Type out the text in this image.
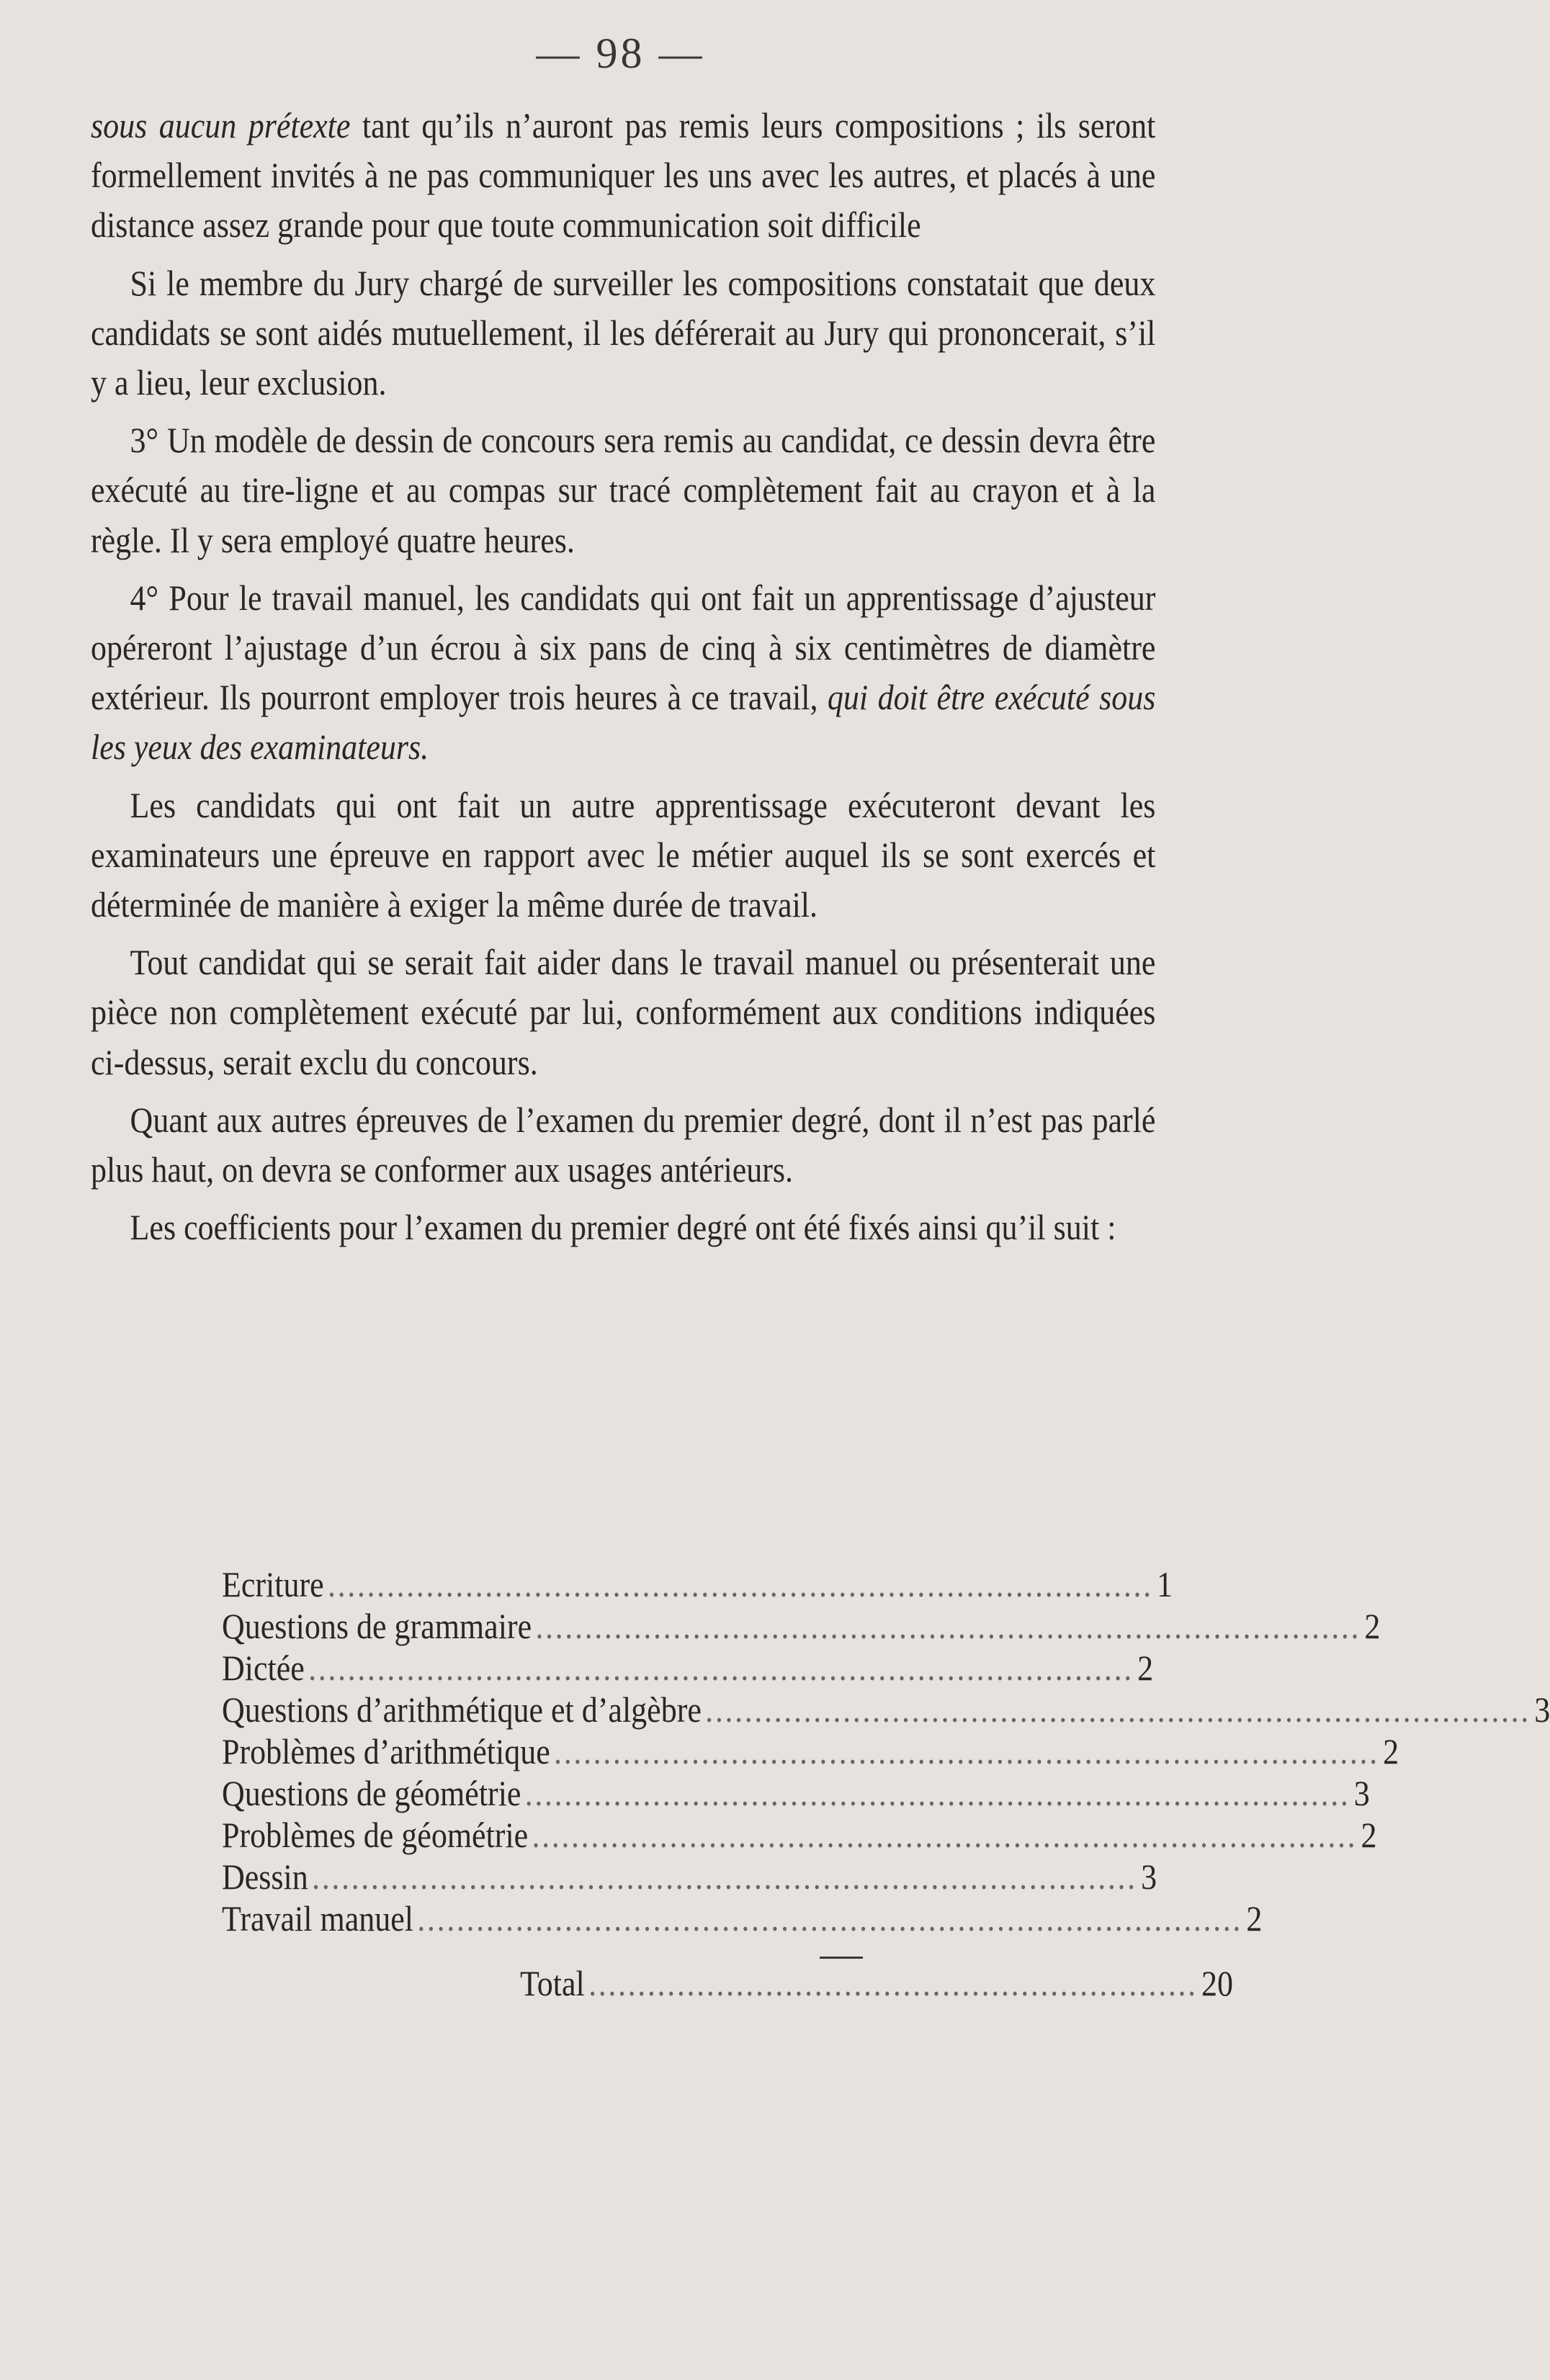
— 98 —

sous aucun prétexte tant qu’ils n’auront pas remis leurs compositions ; ils seront formellement invités à ne pas communiquer les uns avec les autres, et placés à une distance assez grande pour que toute communication soit difficile

Si le membre du Jury chargé de surveiller les compositions constatait que deux candidats se sont aidés mutuellement, il les déférerait au Jury qui prononcerait, s’il y a lieu, leur exclusion.

3° Un modèle de dessin de concours sera remis au candidat, ce dessin devra être exécuté au tire-ligne et au compas sur tracé complètement fait au crayon et à la règle. Il y sera employé quatre heures.

4° Pour le travail manuel, les candidats qui ont fait un apprentissage d’ajusteur opéreront l’ajustage d’un écrou à six pans de cinq à six centimètres de diamètre extérieur. Ils pourront employer trois heures à ce travail, qui doit être exécuté sous les yeux des examinateurs.

Les candidats qui ont fait un autre apprentissage exécuteront devant les examinateurs une épreuve en rapport avec le métier auquel ils se sont exercés et déterminée de manière à exiger la même durée de travail.

Tout candidat qui se serait fait aider dans le travail manuel ou présenterait une pièce non complètement exécuté par lui, conformément aux conditions indiquées ci-dessus, serait exclu du concours.

Quant aux autres épreuves de l’examen du premier degré, dont il n’est pas parlé plus haut, on devra se conformer aux usages antérieurs.

Les coefficients pour l’examen du premier degré ont été fixés ainsi qu’il suit :

Ecriture .................................................................................... 1
Questions de grammaire .................................................................................... 2
Dictée .................................................................................... 2
Questions d’arithmétique et d’algèbre .................................................................................... 3
Problèmes d’arithmétique .................................................................................... 2
Questions de géométrie .................................................................................... 3
Problèmes de géométrie .................................................................................... 2
Dessin .................................................................................... 3
Travail manuel .................................................................................... 2
Total .............................................................. 20
